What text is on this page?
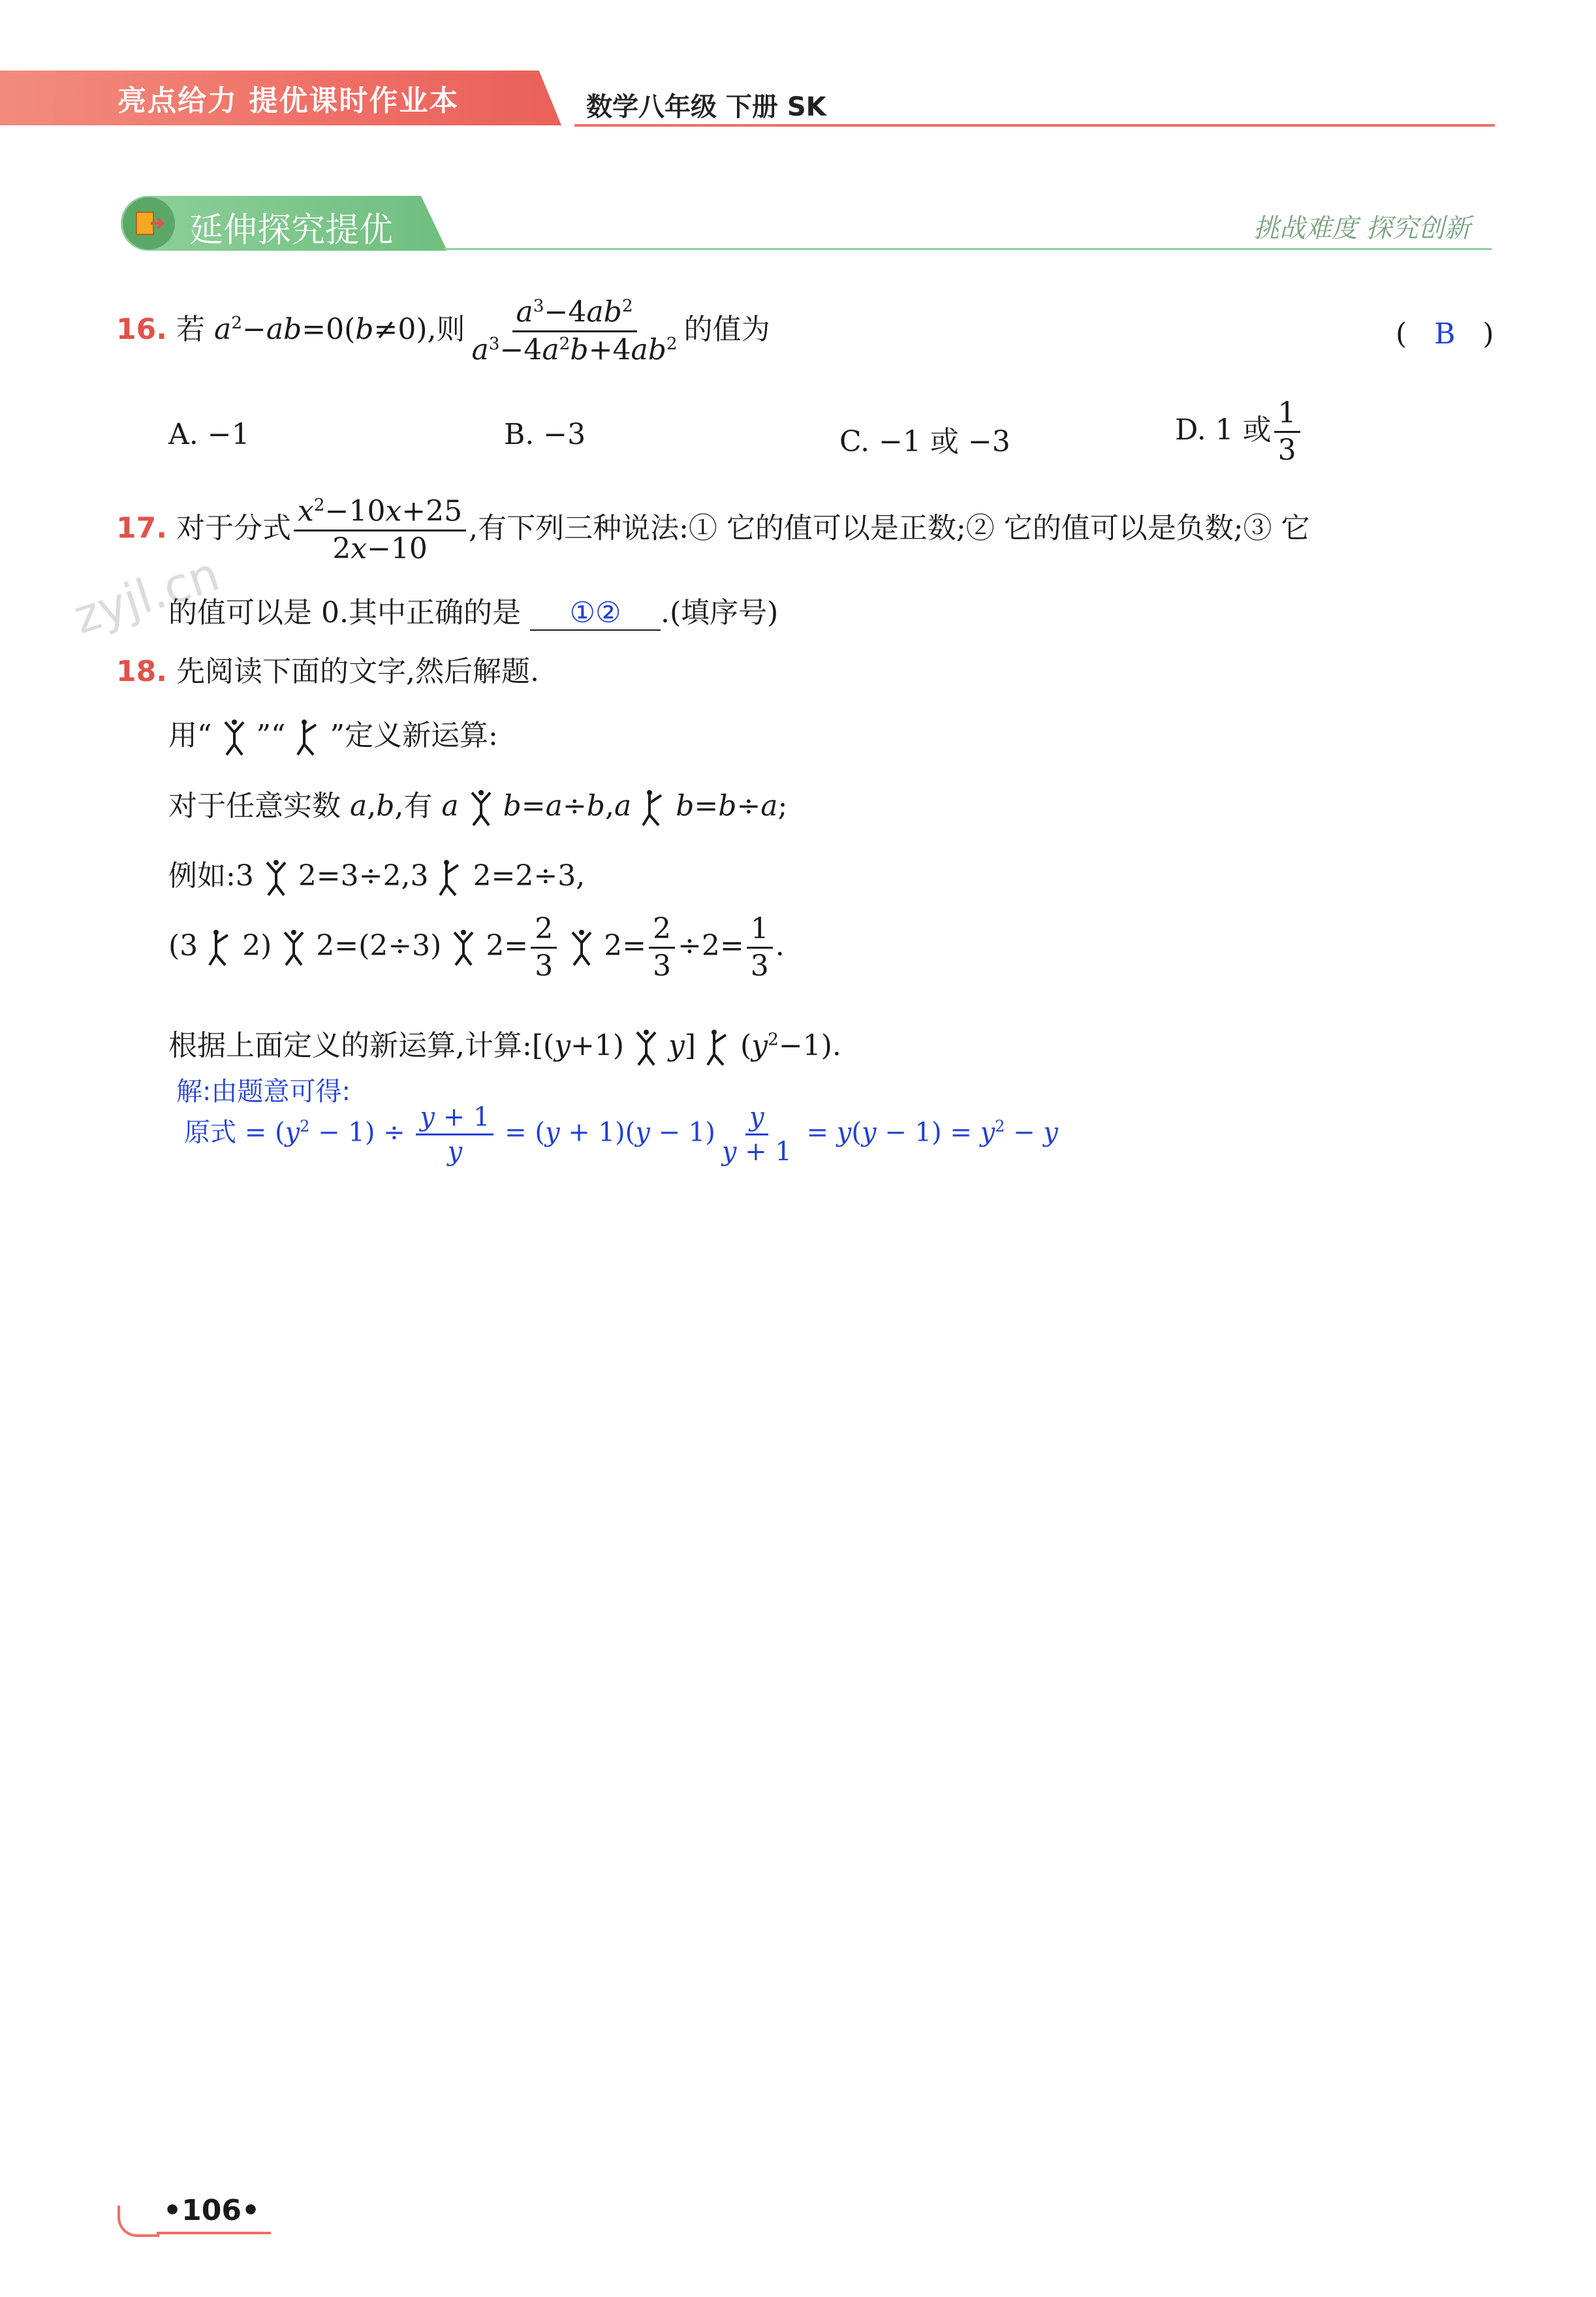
亮点给力 提优课时作业本	数学八年级 下册 SK
延伸探究提优	挑战难度 探究创新
zyjl.cn
16. 若 $a^2-ab=0(b\ne 0)$,则 $\frac{a^3-4ab^2}{a^3-4a^2b+4ab^2}$ 的值为	(   B   )
A. −1	B. −3	C. −1 或 −3	D. 1 或 $\frac{1}{3}$
17. 对于分式 $\frac{x^2-10x+25}{2x-10}$ ,有下列三种说法:① 它的值可以是正数;② 它的值可以是负数;③ 它
的值可以是 0.其中正确的是 ①② .(填序号)
18. 先阅读下面的文字,然后解题.
用“ ”“ ”定义新运算:
对于任意实数 a,b,有 a b=a÷b,a b=b÷a;
例如:3  2=3÷2,3  2=2÷3,
(3  2)  2=(2÷3)  $2= \frac{2}{3} 2= \frac{2}{3} \div 2= \frac{1}{3}$ .
根据上面定义的新运算,计算:[(y+1)  y]  $(y^2-1)$.
解:由题意可得:
原式 = $(y^2 - 1) \div \frac{y + 1}{y} = (y + 1)(y - 1) \frac{y}{y + 1} = y(y - 1) = y^2 - y$
•106•
